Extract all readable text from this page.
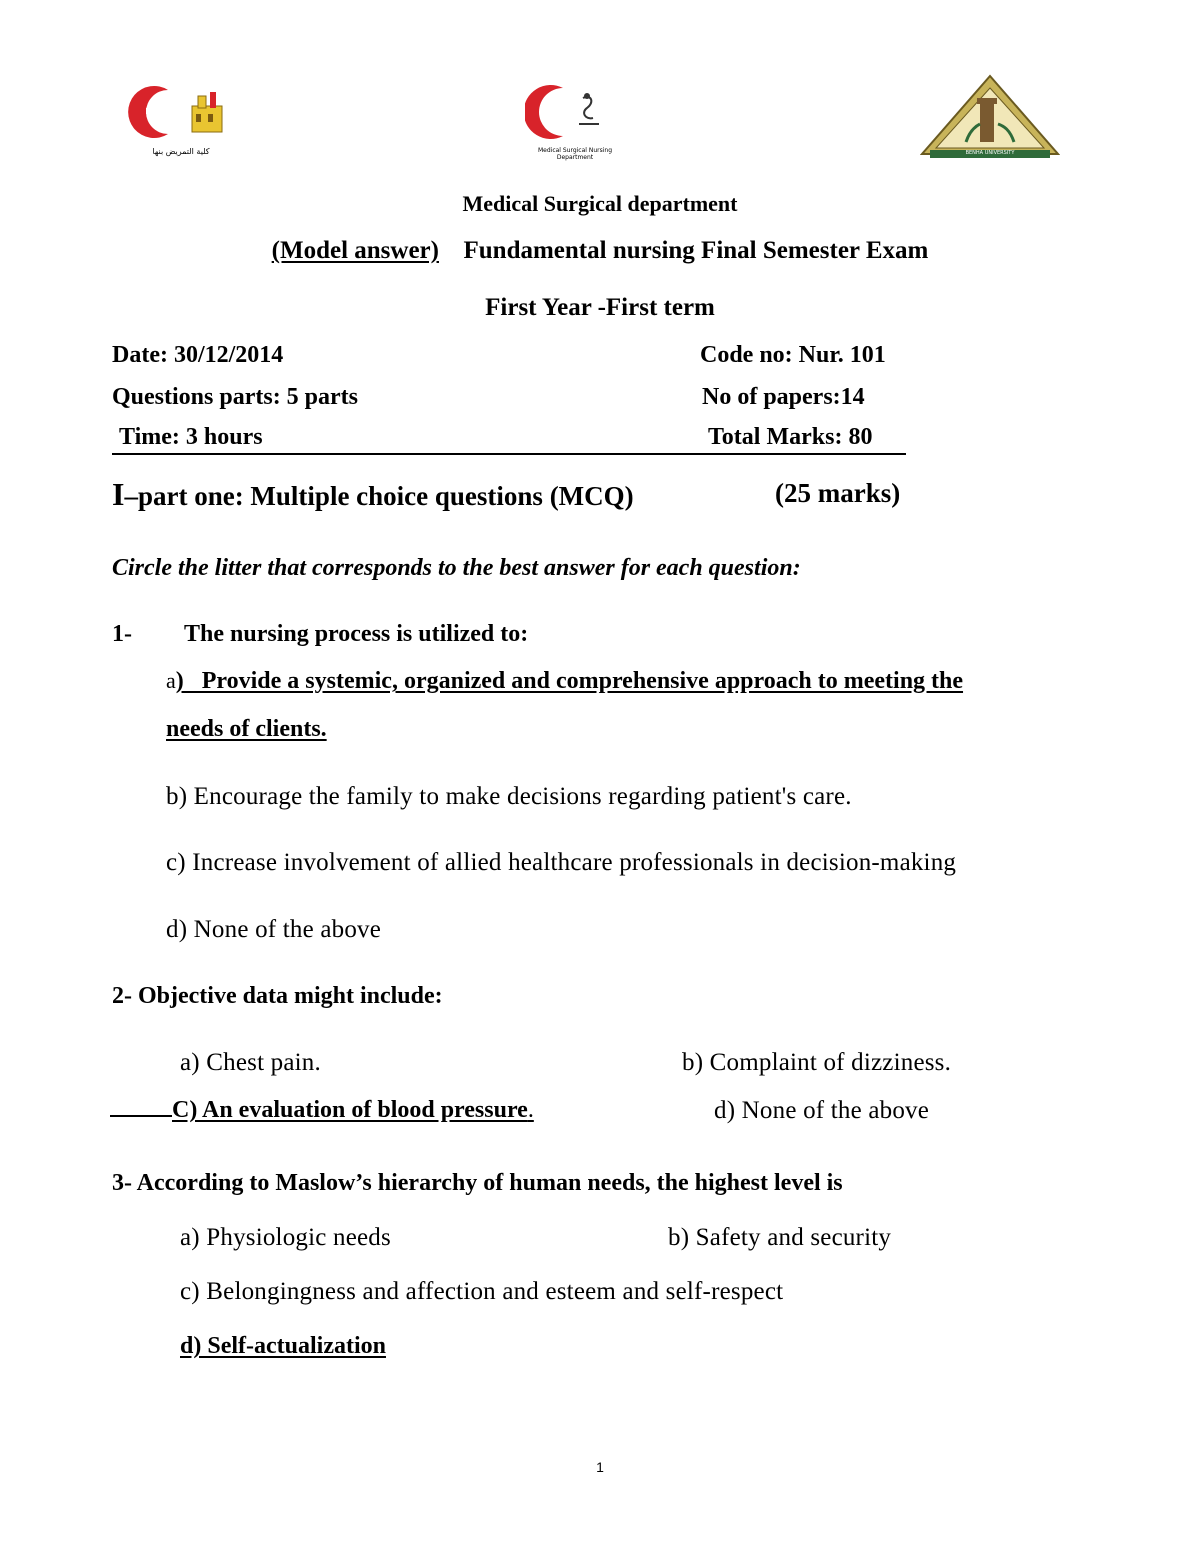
كلية التمريض بنها	Medical Surgical Nursing Department
BENHA UNIVERSITY
Medical Surgical department
(Model answer) Fundamental nursing Final Semester Exam
First Year -First term
Date: 30/12/2014	Code no: Nur. 101
Questions parts: 5 parts	No of papers:14
Time: 3 hours	Total Marks: 80
I–part one: Multiple choice questions (MCQ)	(25 marks)
Circle the litter that corresponds to the best answer for each question:
1- The nursing process is utilized to:
a)   Provide a systemic, organized and comprehensive approach to meeting the
needs of clients.
b) Encourage the family to make decisions regarding patient's care.
c) Increase involvement of allied healthcare professionals in decision-making
d) None of the above
2- Objective data might include:
a) Chest pain.	b) Complaint of dizziness.
C) An evaluation of blood pressure.	d) None of the above
3- According to Maslow’s hierarchy of human needs, the highest level is
a) Physiologic needs	b) Safety and security
c) Belongingness and affection and esteem and self-respect
d) Self-actualization
1
